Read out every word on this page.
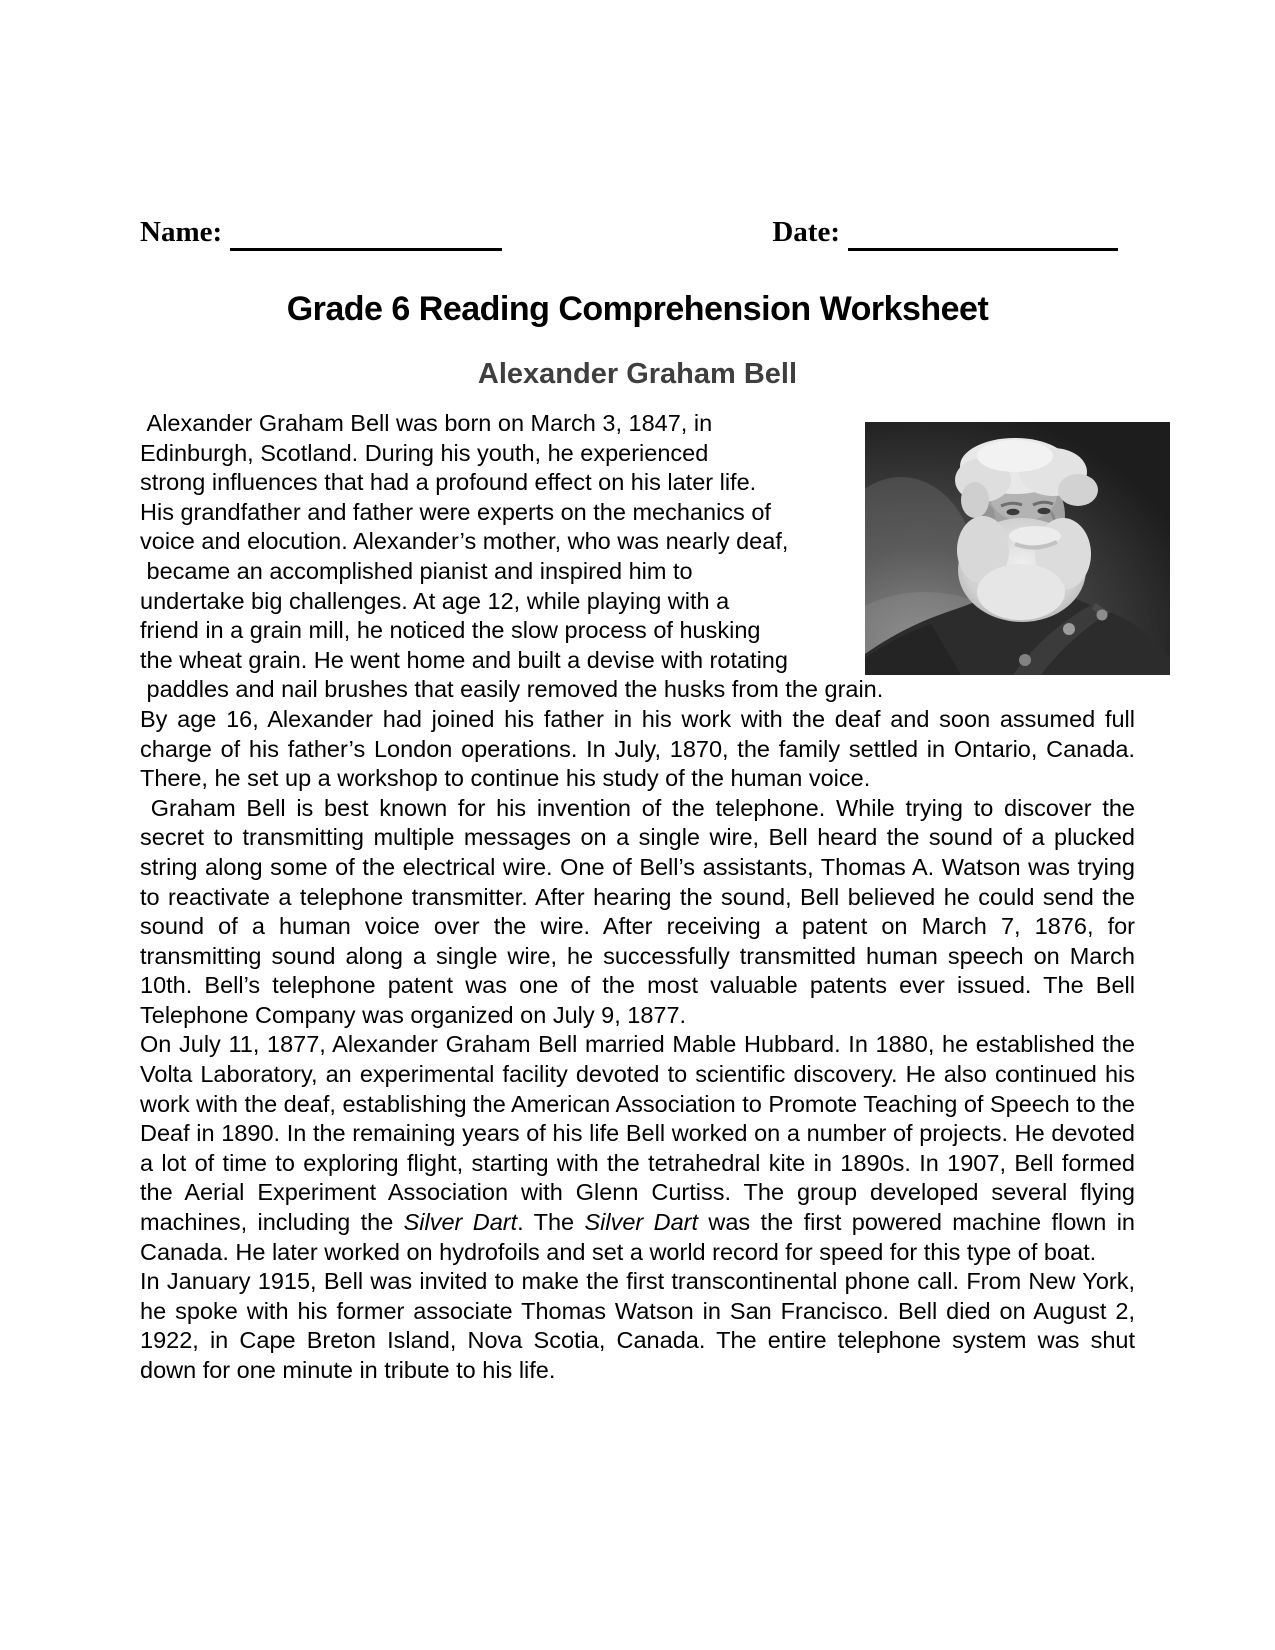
Name:	Date:
Grade 6 Reading Comprehension Worksheet
Alexander Graham Bell

Alexander Graham Bell was born on March 3, 1847, in
Edinburgh, Scotland. During his youth, he experienced
strong influences that had a profound effect on his later life.
His grandfather and father were experts on the mechanics of
voice and elocution. Alexander’s mother, who was nearly deaf,
became an accomplished pianist and inspired him to
undertake big challenges. At age 12, while playing with a
friend in a grain mill, he noticed the slow process of husking
the wheat grain. He went home and built a devise with rotating
paddles and nail brushes that easily removed the husks from the grain.

By age 16, Alexander had joined his father in his work with the deaf and soon assumed full charge of his father’s London operations. In July, 1870, the family settled in Ontario, Canada. There, he set up a workshop to continue his study of the human voice.

Graham Bell is best known for his invention of the telephone. While trying to discover the secret to transmitting multiple messages on a single wire, Bell heard the sound of a plucked string along some of the electrical wire. One of Bell’s assistants, Thomas A. Watson was trying to reactivate a telephone transmitter. After hearing the sound, Bell believed he could send the sound of a human voice over the wire. After receiving a patent on March 7, 1876, for transmitting sound along a single wire, he successfully transmitted human speech on March 10th. Bell’s telephone patent was one of the most valuable patents ever issued. The Bell Telephone Company was organized on July 9, 1877.

On July 11, 1877, Alexander Graham Bell married Mable Hubbard. In 1880, he established the Volta Laboratory, an experimental facility devoted to scientific discovery. He also continued his work with the deaf, establishing the American Association to Promote Teaching of Speech to the Deaf in 1890. In the remaining years of his life Bell worked on a number of projects. He devoted a lot of time to exploring flight, starting with the tetrahedral kite in 1890s. In 1907, Bell formed the Aerial Experiment Association with Glenn Curtiss. The group developed several flying machines, including the Silver Dart. The Silver Dart was the first powered machine flown in Canada. He later worked on hydrofoils and set a world record for speed for this type of boat.

In January 1915, Bell was invited to make the first transcontinental phone call. From New York, he spoke with his former associate Thomas Watson in San Francisco. Bell died on August 2, 1922, in Cape Breton Island, Nova Scotia, Canada. The entire telephone system was shut down for one minute in tribute to his life.
